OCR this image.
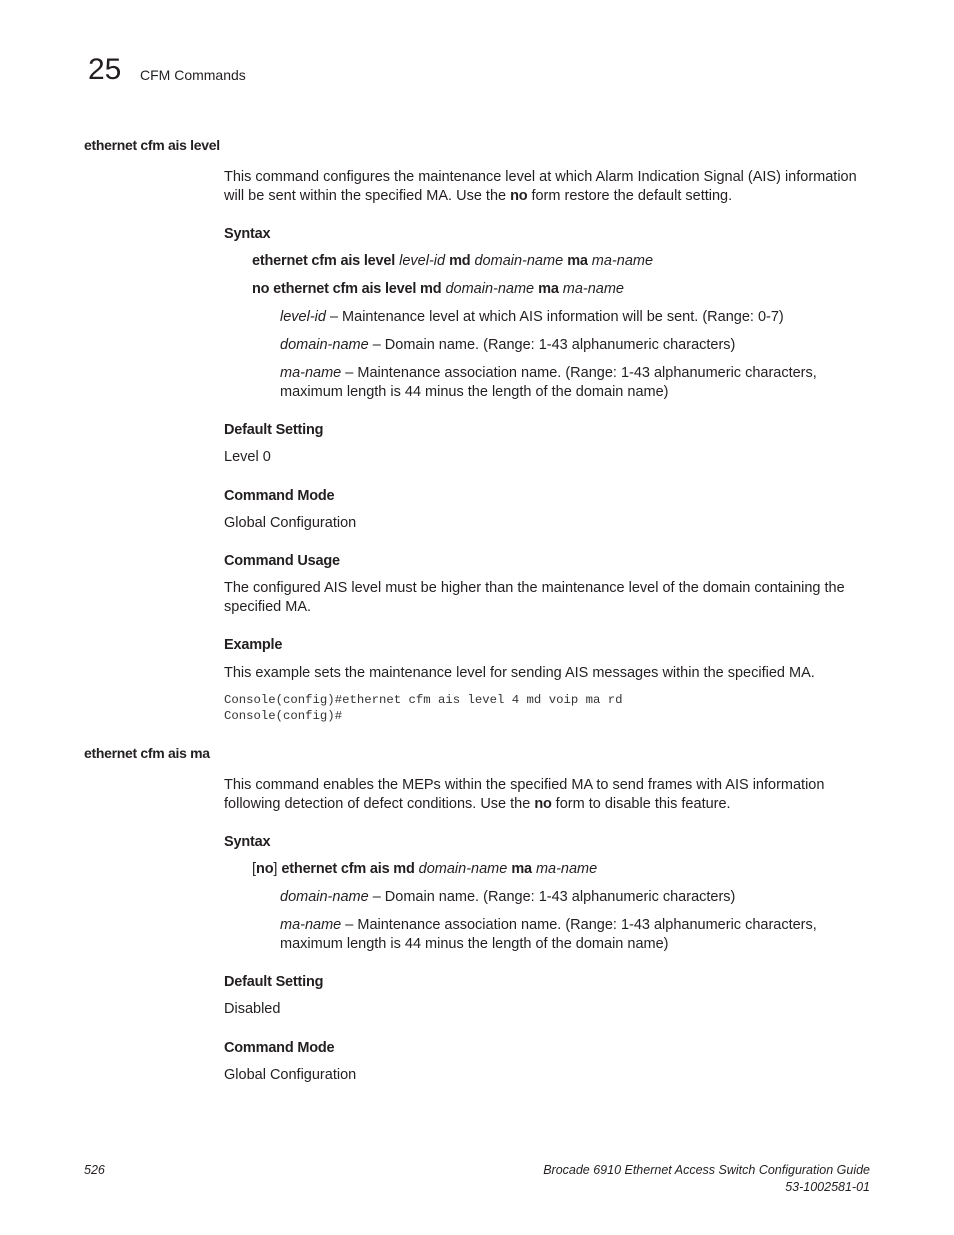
25 CFM Commands
ethernet cfm ais level
This command configures the maintenance level at which Alarm Indication Signal (AIS) information will be sent within the specified MA. Use the no form restore the default setting.
Syntax
ethernet cfm ais level level-id md domain-name ma ma-name
no ethernet cfm ais level md domain-name ma ma-name
level-id – Maintenance level at which AIS information will be sent. (Range: 0-7)
domain-name – Domain name. (Range: 1-43 alphanumeric characters)
ma-name – Maintenance association name. (Range: 1-43 alphanumeric characters, maximum length is 44 minus the length of the domain name)
Default Setting
Level 0
Command Mode
Global Configuration
Command Usage
The configured AIS level must be higher than the maintenance level of the domain containing the specified MA.
Example
This example sets the maintenance level for sending AIS messages within the specified MA.
Console(config)#ethernet cfm ais level 4 md voip ma rd
Console(config)#
ethernet cfm ais ma
This command enables the MEPs within the specified MA to send frames with AIS information following detection of defect conditions. Use the no form to disable this feature.
Syntax
[no] ethernet cfm ais md domain-name ma ma-name
domain-name – Domain name. (Range: 1-43 alphanumeric characters)
ma-name – Maintenance association name. (Range: 1-43 alphanumeric characters, maximum length is 44 minus the length of the domain name)
Default Setting
Disabled
Command Mode
Global Configuration
526	Brocade 6910 Ethernet Access Switch Configuration Guide
53-1002581-01
